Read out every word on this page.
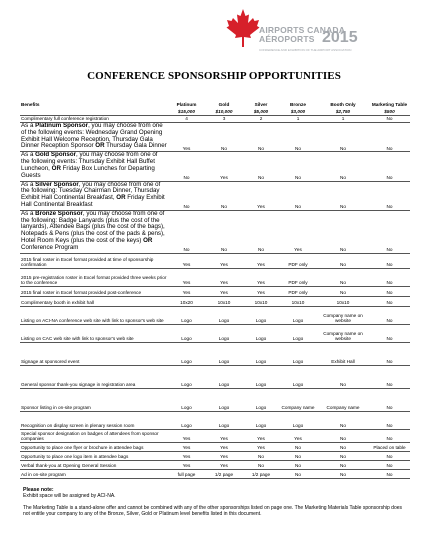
AIRPORTS CANADA
AÉROPORTS 2015
CONFERENCE AND EXHIBITION OF THE AIRPORT ASSOCIATION
CONFERENCE SPONSORSHIP OPPORTUNITIES
Benefits	Platinum	Gold	Silver	Bronze	Booth Only	Marketing Table
	$15,000	$10,000	$5,000	$3,000	$2,750	$500
Complimentary full conference registration	4	3	2	1	1	No
As a Platinum Sponsor, you may choose from one of the following events: Wednesday Grand Opening Exhibit Hall Welcome Reception, Thursday Gala Dinner Reception Sponsor OR Thursday Gala Dinner	Yes	No	No	No	No	No
As a Gold Sponsor, you may choose from one of the following events: Thursday Exhibit Hall Buffet Luncheon, OR Friday Box Lunches for Departing Guests	No	Yes	No	No	No	No
As a Silver Sponsor, you may choose from one of the following: Tuesday Chairman Dinner, Thursday Exhibit Hall Continental Breakfast, OR Friday Exhibit Hall Continental Breakfast	No	No	Yes	No	No	No
As a Bronze Sponsor, you may choose from one of the following: Badge Lanyards (plus the cost of the lanyards), Attendee Bags (plus the cost of the bags), Notepads & Pens (plus the cost of the pads & pens), Hotel Room Keys (plus the cost of the keys) OR Conference Program	No	No	No	Yes	No	No
2015 final roster in Excel format provided at time of sponsorship confirmation	Yes	Yes	Yes	PDF only	No	No
2015 pre-registration roster in Excel format provided three weeks prior to the conference	Yes	Yes	Yes	PDF only	No	No
2015 final roster in Excel format provided post-conference	Yes	Yes	Yes	PDF only	No	No
Complimentary booth in exhibit hall	10x20	10x10	10x10	10x10	10x10	No
Listing on ACI-NA conference web site with link to sponsor's web site	Logo	Logo	Logo	Logo	Company name on website	No
Listing on CAC web site with link to sponsor's web site	Logo	Logo	Logo	Logo	Company name on website	No
Signage at sponsored event	Logo	Logo	Logo	Logo	Exhibit Hall	No
General sponsor thank-you signage in registration area	Logo	Logo	Logo	Logo	No	No
Sponsor listing in on-site program	Logo	Logo	Logo	Company name	Company name	No
Recognition on display screen in plenary session room	Logo	Logo	Logo	Logo	No	No
Special sponsor designation on badges of attendees from sponsor companies	Yes	Yes	Yes	Yes	No	No
Opportunity to place one flyer or brochure in attendee bags	Yes	Yes	Yes	No	No	Placed on table
Opportunity to place one logo item in attendee bags	Yes	Yes	No	No	No	No
Verbal thank-you at Opening General Session	Yes	Yes	No	No	No	No
Ad in on-site program	full page	1/2 page	1/2 page	No	No	No

Please note:

Exhibit space will be assigned by ACI-NA.

The Marketing Table is a stand-alone offer and cannot be combined with any of the other sponsorships listed on page one. The Marketing Materials Table sponsorship does not entitle your company to any of the Bronze, Silver, Gold or Platinum level benefits listed in this document.
